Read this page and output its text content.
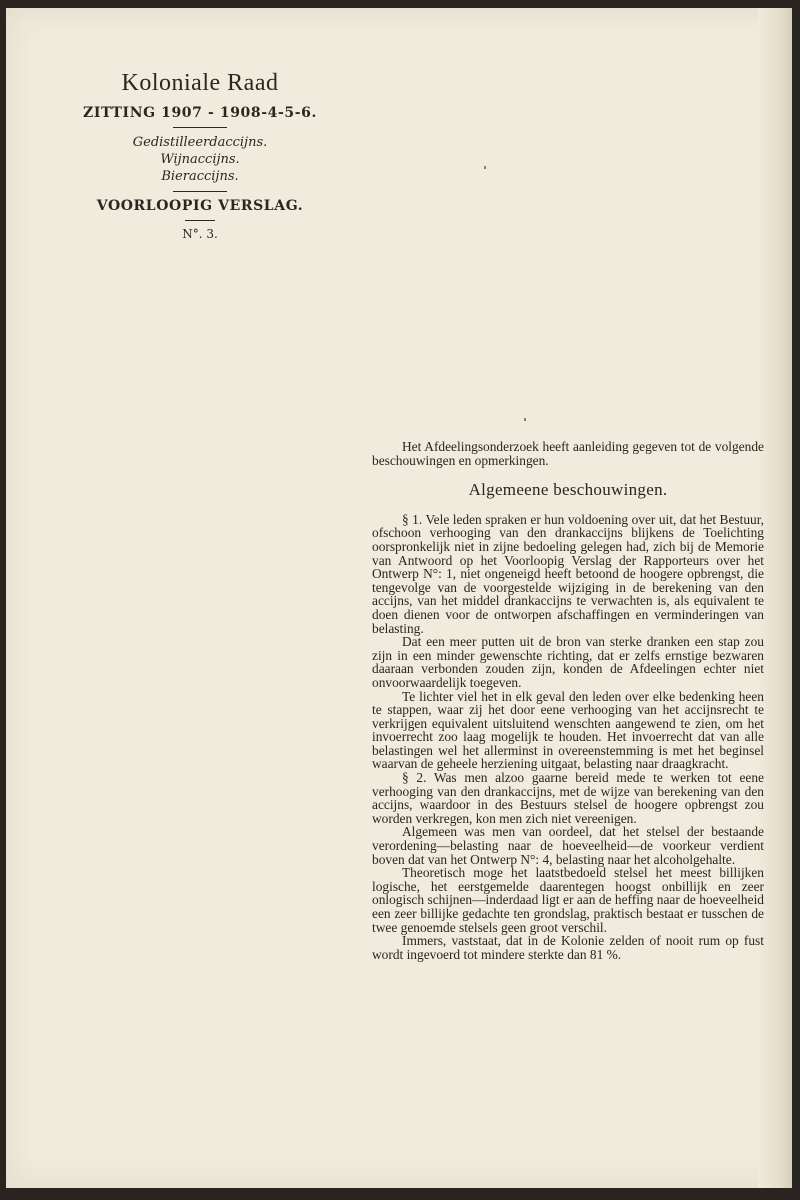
Koloniale Raad
ZITTING 1907 - 1908-4-5-6.
Gedistilleerdaccijns.
Wijnaccijns.
Bieraccijns.
VOORLOOPIG VERSLAG.
N°. 3.

Het Afdeelingsonderzoek heeft aanleiding gegeven tot de volgende beschouwingen en opmerkingen.

Algemeene beschouwingen.

§ 1. Vele leden spraken er hun voldoening over uit, dat het Bestuur, ofschoon verhooging van den drankaccijns blijkens de Toelichting oorspronkelijk niet in zijne bedoeling gelegen had, zich bij de Memorie van Antwoord op het Voorloopig Verslag der Rapporteurs over het Ontwerp N°: 1, niet ongeneigd heeft betoond de hoogere opbrengst, die tengevolge van de voorgestelde wijziging in de berekening van den accijns, van het middel drankaccijns te verwachten is, als equivalent te doen dienen voor de ontworpen afschaffingen en verminderingen van belasting.

Dat een meer putten uit de bron van sterke dranken een stap zou zijn in een minder gewenschte richting, dat er zelfs ernstige bezwaren daaraan verbonden zouden zijn, konden de Afdeelingen echter niet onvoorwaardelijk toegeven.

Te lichter viel het in elk geval den leden over elke bedenking heen te stappen, waar zij het door eene verhooging van het accijnsrecht te verkrijgen equivalent uitsluitend wenschten aangewend te zien, om het invoerrecht zoo laag mogelijk te houden. Het invoerrecht dat van alle belastingen wel het allerminst in overeenstemming is met het beginsel waarvan de geheele herziening uitgaat, belasting naar draagkracht.

§ 2. Was men alzoo gaarne bereid mede te werken tot eene verhooging van den drankaccijns, met de wijze van berekening van den accijns, waardoor in des Bestuurs stelsel de hoogere opbrengst zou worden verkregen, kon men zich niet vereenigen.

Algemeen was men van oordeel, dat het stelsel der bestaande verordening—belasting naar de hoeveelheid—de voorkeur verdient boven dat van het Ontwerp N°: 4, belasting naar het alcoholgehalte.

Theoretisch moge het laatstbedoeld stelsel het meest billijken logische, het eerstgemelde daarentegen hoogst onbillijk en zeer onlogisch schijnen—inderdaad ligt er aan de heffing naar de hoeveelheid een zeer billijke gedachte ten grondslag, praktisch bestaat er tusschen de twee genoemde stelsels geen groot verschil.

Immers, vaststaat, dat in de Kolonie zelden of nooit rum op fust wordt ingevoerd tot mindere sterkte dan 81 %.
